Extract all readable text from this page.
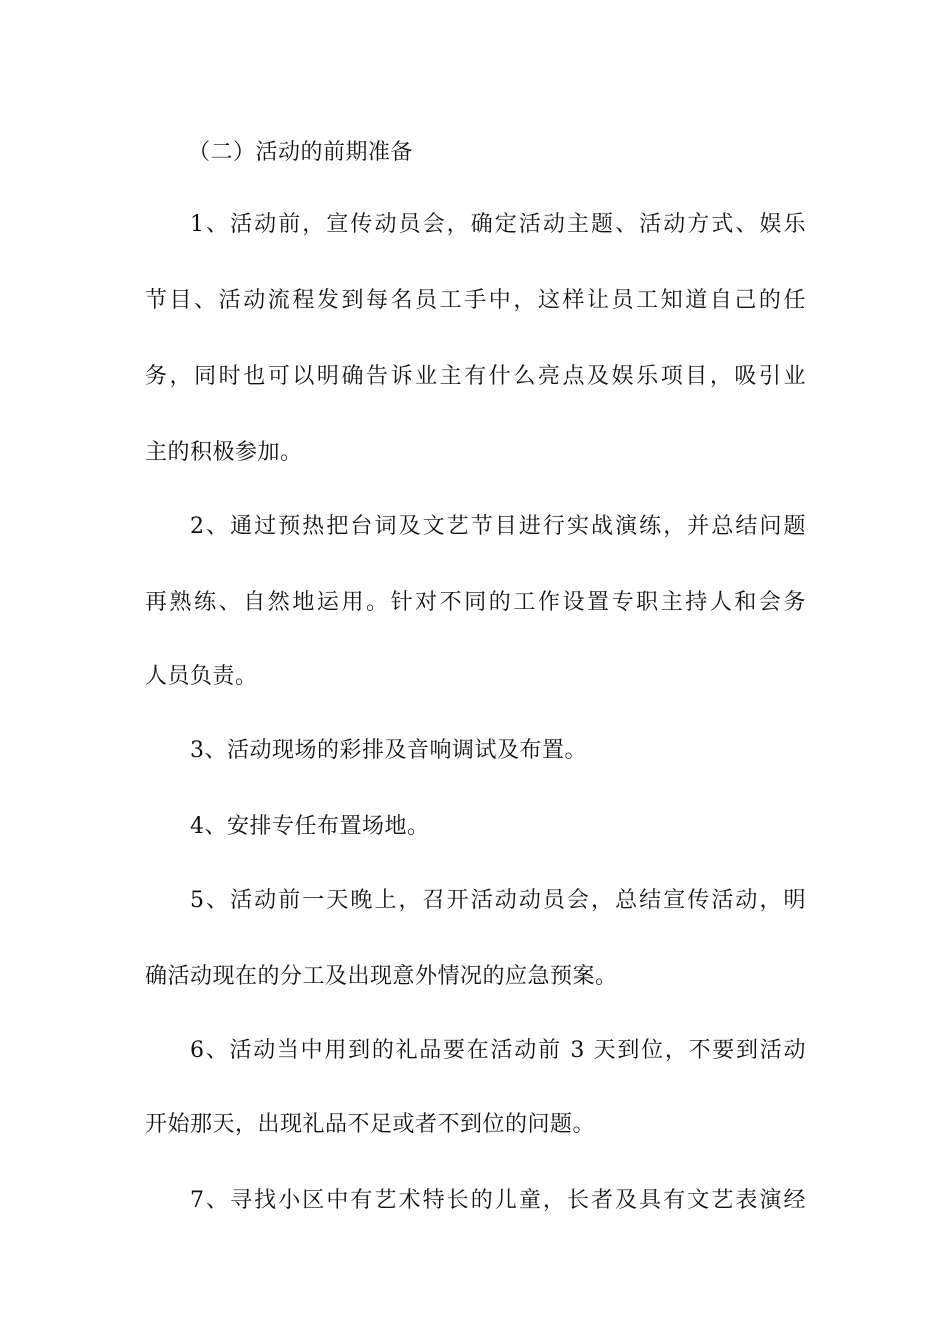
（二）活动的前期准备
1、活动前，宣传动员会，确定活动主题、活动方式、娱乐
节目、活动流程发到每名员工手中，这样让员工知道自己的任
务，同时也可以明确告诉业主有什么亮点及娱乐项目，吸引业
主的积极参加。
2、通过预热把台词及文艺节目进行实战演练，并总结问题
再熟练、自然地运用。针对不同的工作设置专职主持人和会务
人员负责。
3、活动现场的彩排及音响调试及布置。
4、安排专任布置场地。
5、活动前一天晚上，召开活动动员会，总结宣传活动，明
确活动现在的分工及出现意外情况的应急预案。
6、活动当中用到的礼品要在活动前 3 天到位，不要到活动
开始那天，出现礼品不足或者不到位的问题。
7、寻找小区中有艺术特长的儿童，长者及具有文艺表演经
